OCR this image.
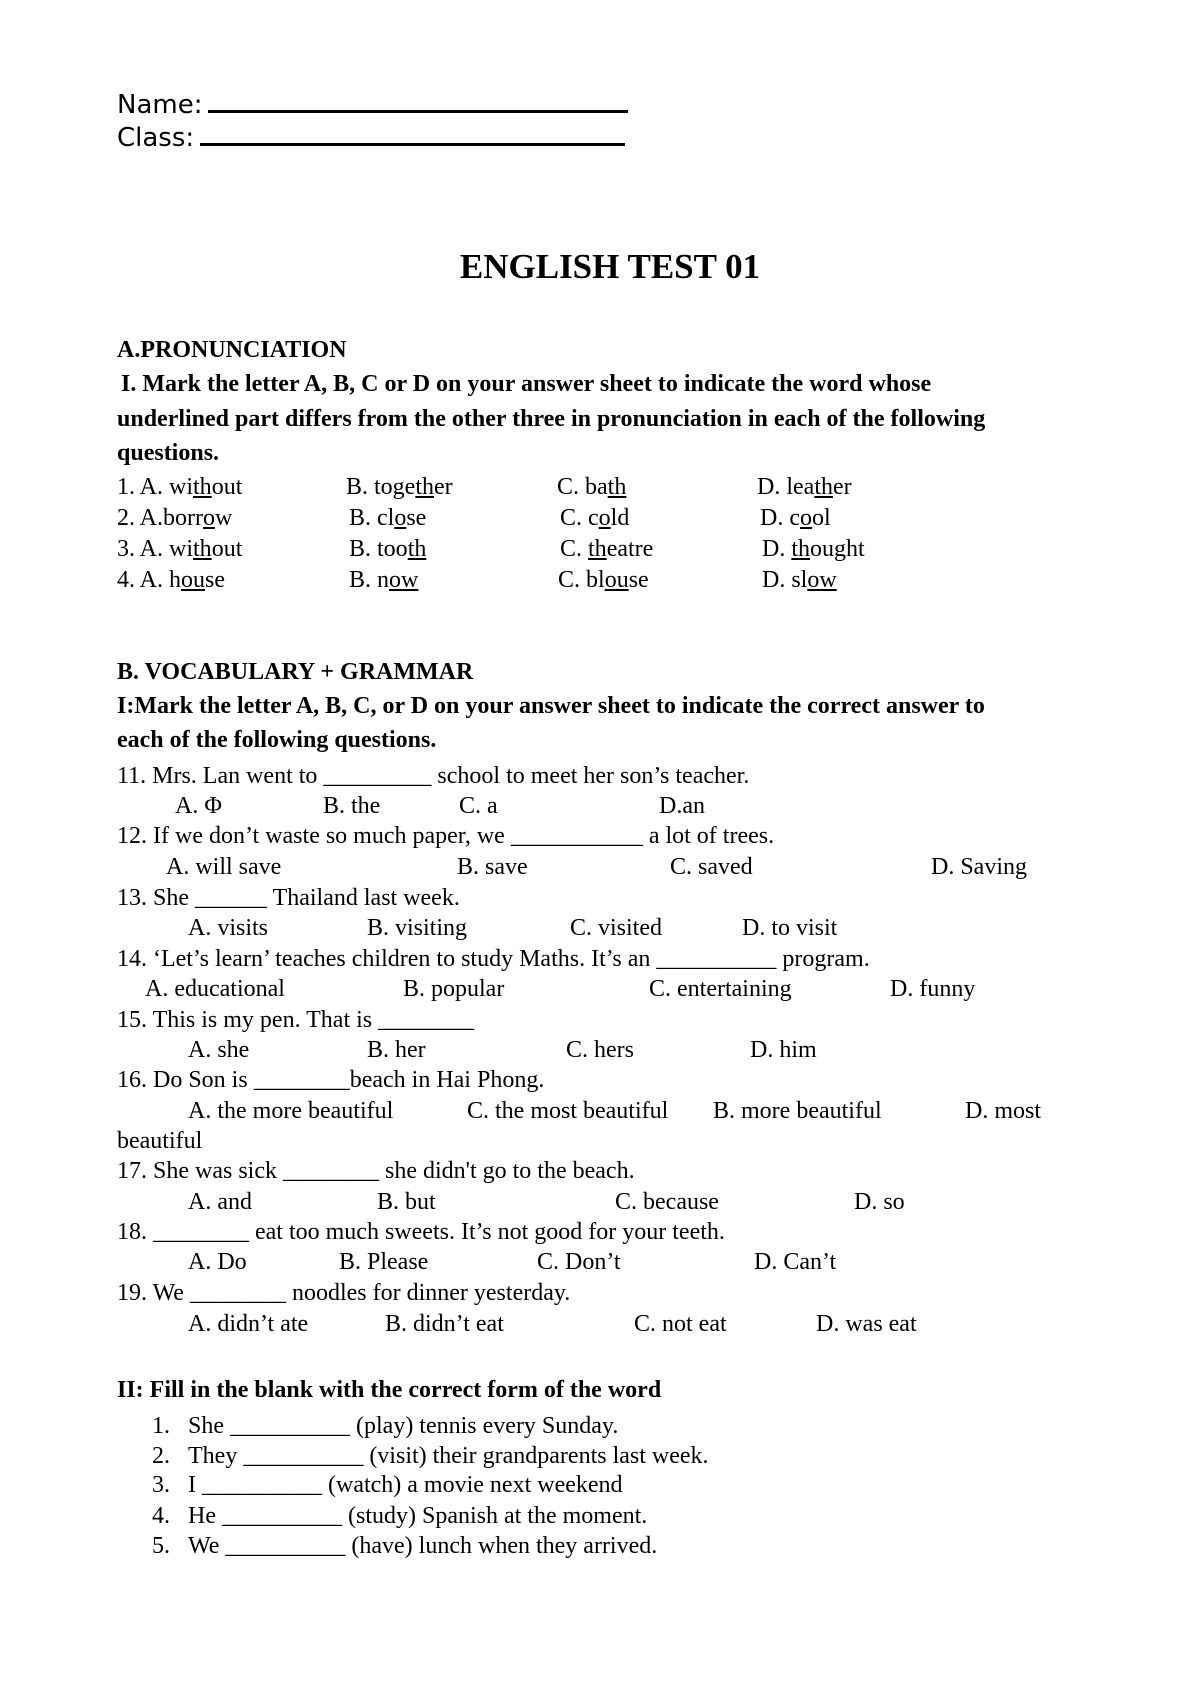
Name:
Class:
ENGLISH TEST 01
A.PRONUNCIATION
I. Mark the letter A, B, C or D on your answer sheet to indicate the word whose
underlined part differs from the other three in pronunciation in each of the following
questions.
1. A. without	B. together	C. bath	D. leather
2. A.borrow	B. close	C. cold	D. cool
3. A. without	B. tooth	C. theatre	D. thought
4. A. house	B. now	C. blouse	D. slow
B. VOCABULARY + GRAMMAR
I:Mark the letter A, B, C, or D on your answer sheet to indicate the correct answer to
each of the following questions.
11. Mrs. Lan went to _________ school to meet her son’s teacher.
A. Φ	B. the	C. a	D.an
12. If we don’t waste so much paper, we ___________ a lot of trees.
A. will save	B. save	C. saved	D. Saving
13. She ______ Thailand last week.
A. visits	B. visiting	C. visited	D. to visit
14. ‘Let’s learn’ teaches children to study Maths. It’s an __________ program.
A. educational	B. popular	C. entertaining	D. funny
15. This is my pen. That is ________
A. she	B. her	C. hers	D. him
16. Do Son is ________beach in Hai Phong.
A. the more beautiful	C. the most beautiful B. more beautiful	D. most
beautiful
17. She was sick ________ she didn't go to the beach.
A. and	B. but	C. because	D. so
18. ________ eat too much sweets. It’s not good for your teeth.
A. Do	B. Please	C. Don’t	D. Can’t
19. We ________ noodles for dinner yesterday.
A. didn’t ate	B. didn’t eat	C. not eat	D. was eat
II: Fill in the blank with the correct form of the word
1. She __________ (play) tennis every Sunday.
2. They __________ (visit) their grandparents last week.
3. I __________ (watch) a movie next weekend
4. He __________ (study) Spanish at the moment.
5. We __________ (have) lunch when they arrived.
